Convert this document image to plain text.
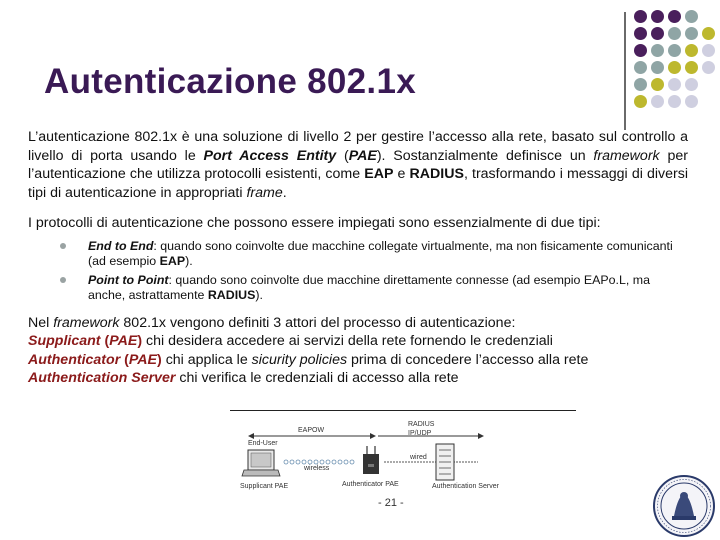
Autenticazione 802.1x

L’autenticazione 802.1x è una soluzione di livello 2 per gestire l’accesso alla rete, basato sul controllo a livello di porta usando le Port Access Entity (PAE). Sostanzialmente definisce un framework per l’autenticazione che utilizza protocolli esistenti, come EAP e RADIUS, trasformando i messaggi di diversi tipi di autenticazione in appropriati frame.

I protocolli di autenticazione che possono essere impiegati sono essenzialmente di due tipi:

End to End: quando sono coinvolte due macchine collegate virtualmente, ma non fisicamente comunicanti (ad esempio EAP).
Point to Point: quando sono coinvolte due macchine direttamente connesse (ad esempio EAPo.L, ma anche, astrattamente RADIUS).

Nel framework 802.1x vengono definiti 3 attori del processo di autenticazione:

Supplicant (PAE) chi desidera accedere ai servizi della rete fornendo le credenziali

Authenticator (PAE) chi applica le sicurity policies prima di concedere l’accesso alla rete

Authentication Server chi verifica le credenziali di accesso alla rete

EAPOW
RADIUS
IP/UDP
End-User
wireless
wired
Supplicant PAE	Authenticator PAE	Authentication Server
- 21 -
